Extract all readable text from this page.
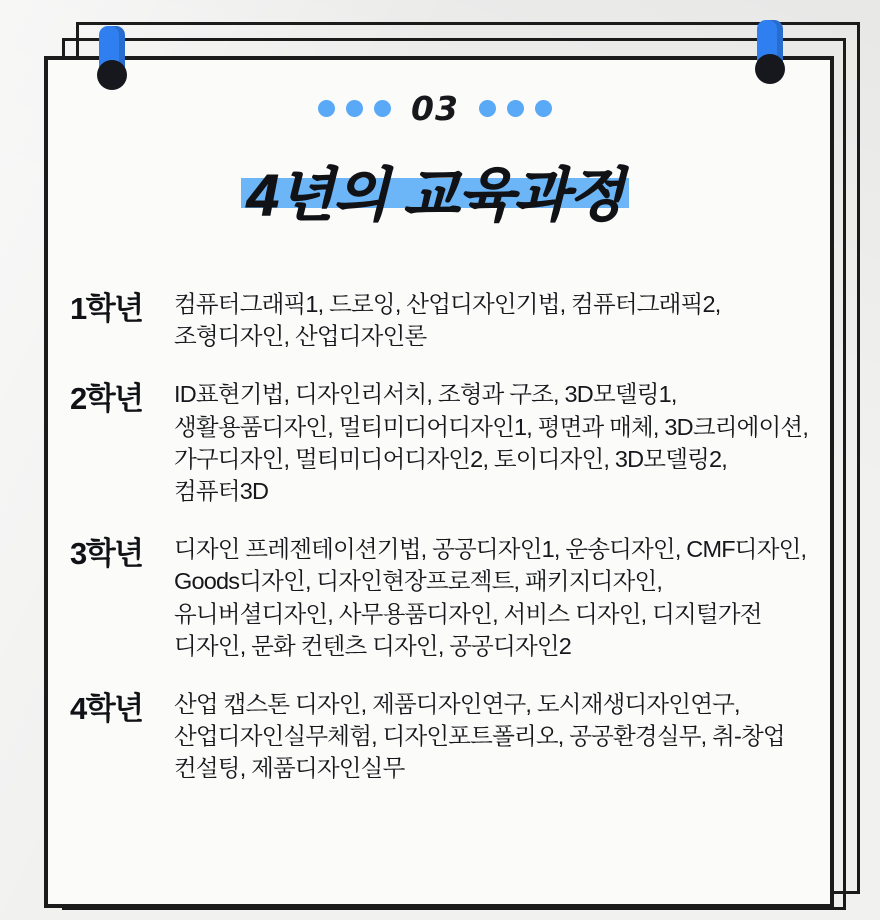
03
4년의 교육과정
1학년	컴퓨터그래픽1, 드로잉, 산업디자인기법, 컴퓨터그래픽2, 조형디자인, 산업디자인론
2학년	ID표현기법, 디자인리서치, 조형과 구조, 3D모델링1, 생활용품디자인, 멀티미디어디자인1, 평면과 매체, 3D크리에이션, 가구디자인, 멀티미디어디자인2, 토이디자인, 3D모델링2, 컴퓨터3D
3학년	디자인 프레젠테이션기법, 공공디자인1, 운송디자인, CMF디자인, Goods디자인, 디자인현장프로젝트, 패키지디자인, 유니버셜디자인, 사무용품디자인, 서비스 디자인, 디지털가전 디자인, 문화 컨텐츠 디자인, 공공디자인2
4학년	산업 캡스톤 디자인, 제품디자인연구, 도시재생디자인연구, 산업디자인실무체험, 디자인포트폴리오, 공공환경실무, 취-창업 컨설팅, 제품디자인실무
